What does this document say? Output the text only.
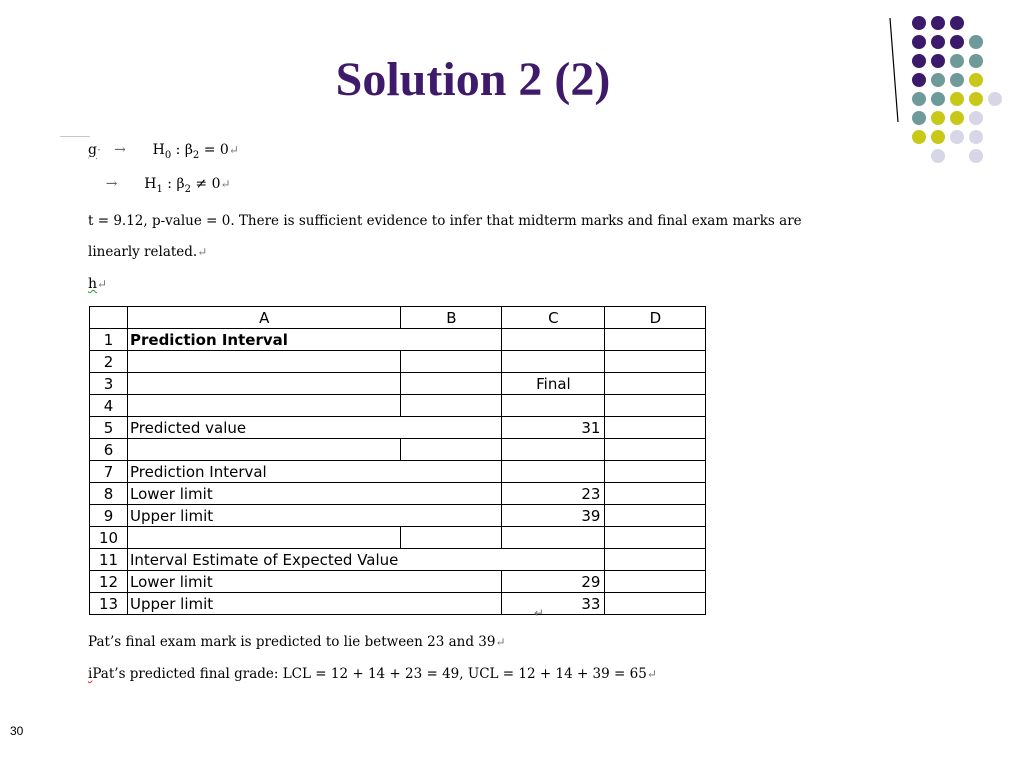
Solution 2 (2)
g·   →      $H_0$ : $\beta_2$ = 0↵
→      $H_1$ : $\beta_2$ ≠ 0↵
t = 9.12, p-value = 0. There is sufficient evidence to infer that midterm marks and final exam marks are
linearly related.↵
h↵
	A	B	C	D
1	Prediction Interval			
2				
3			Final	
4				
5	Predicted value		31	
6				
7	Prediction Interval			
8	Lower limit		23	
9	Upper limit		39	
10				
11	Interval Estimate of Expected Value			
12	Lower limit		29	
13	Upper limit		33	
↵
Pat’s final exam mark is predicted to lie between 23 and 39↵
iPat’s predicted final grade: LCL = 12 + 14 + 23 = 49, UCL = 12 + 14 + 39 = 65↵
30
